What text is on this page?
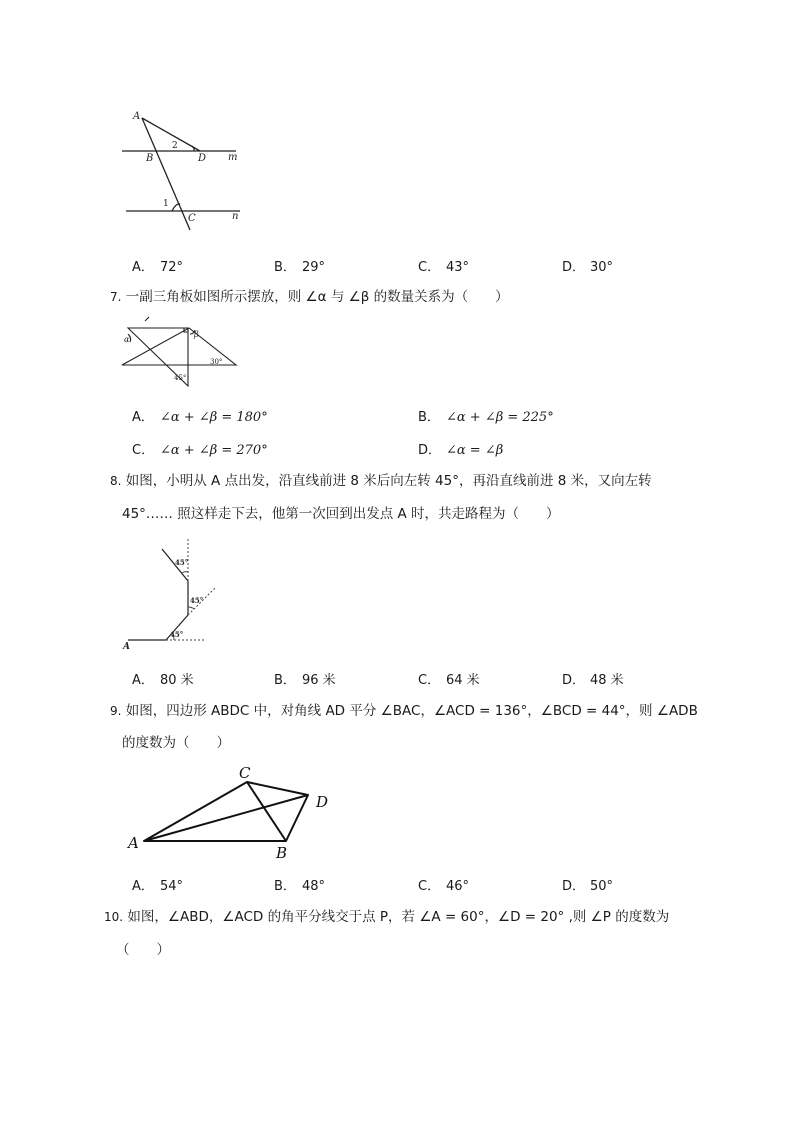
A
B	D m
2
1
C	n
A． 72°	B． 29°	C． 43°	D． 30°
7. 一副三角板如图所示摆放，则 ∠α 与 ∠β 的数量关系为（　　）
α
β
30°
45°
A． ∠α + ∠β = 180°	B． ∠α + ∠β = 225°
C． ∠α + ∠β = 270°	D． ∠α = ∠β
8. 如图，小明从 A 点出发，沿直线前进 8 米后向左转 45°，再沿直线前进 8 米，又向左转
45°…… 照这样走下去，他第一次回到出发点 A 时，共走路程为（　　）
A
45°
45°
45°
A． 80 米	B． 96 米	C． 64 米	D． 48 米
9. 如图，四边形 ABDC 中，对角线 AD 平分 ∠BAC，∠ACD = 136°，∠BCD = 44°，则 ∠ADB
的度数为（　　）
A
B
C
D
A． 54°	B． 48°	C． 46°	D． 50°
10. 如图，∠ABD，∠ACD 的角平分线交于点 P，若 ∠A = 60°，∠D = 20° ,则 ∠P 的度数为
（　　）
